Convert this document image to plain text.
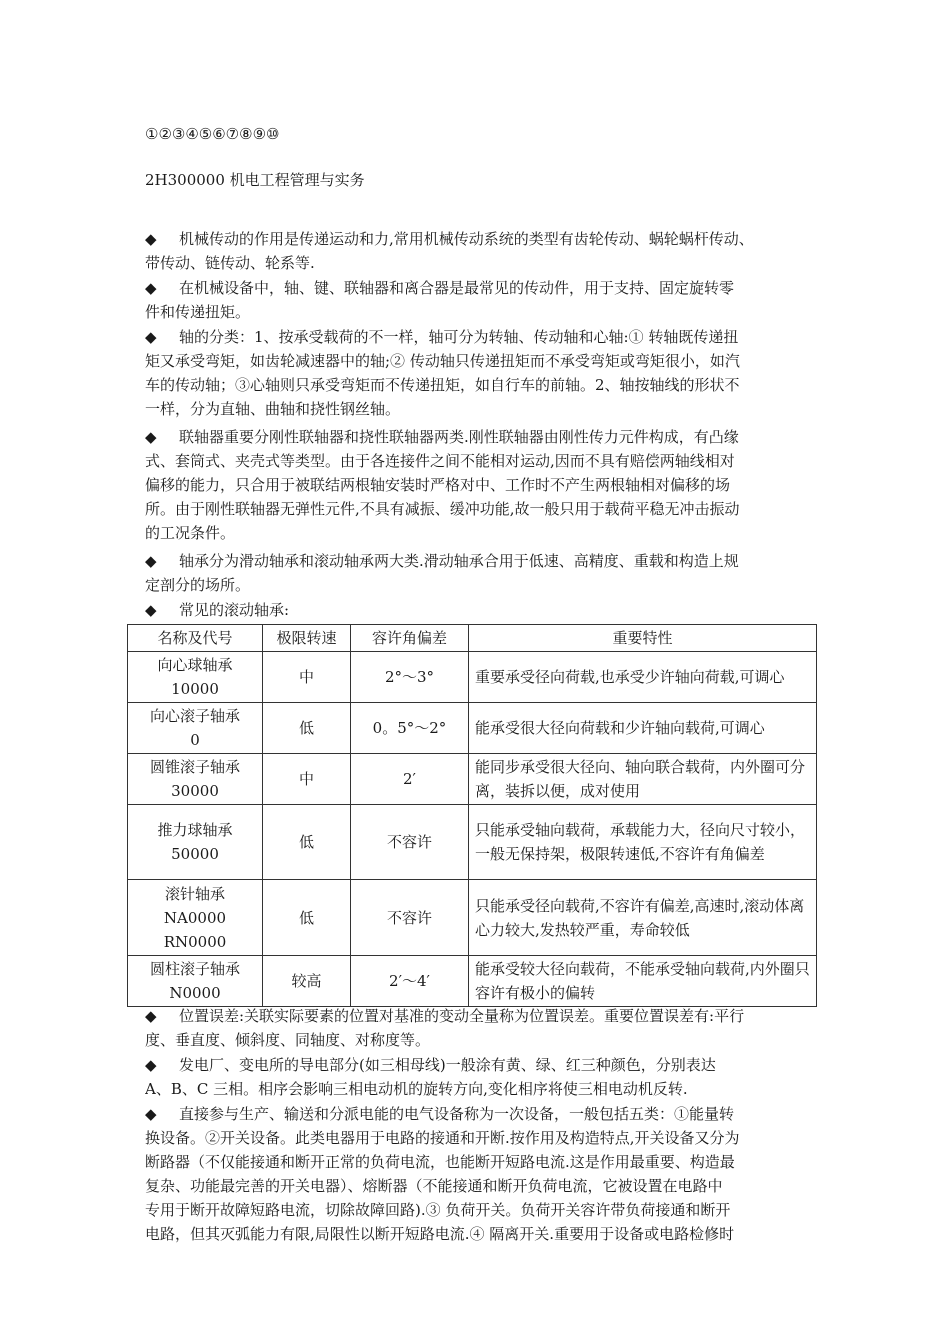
①②③④⑤⑥⑦⑧⑨⑩
2H300000 机电工程管理与实务
◆ 机械传动的作用是传递运动和力,常用机械传动系统的类型有齿轮传动、蜗轮蜗杆传动、
带传动、链传动、轮系等.
◆ 在机械设备中，轴、键、联轴器和离合器是最常见的传动件，用于支持、固定旋转零
件和传递扭矩。
◆ 轴的分类：1、按承受载荷的不一样，轴可分为转轴、传动轴和心轴:① 转轴既传递扭
矩又承受弯矩，如齿轮减速器中的轴;② 传动轴只传递扭矩而不承受弯矩或弯矩很小，如汽
车的传动轴；③心轴则只承受弯矩而不传递扭矩，如自行车的前轴。2、轴按轴线的形状不
一样，分为直轴、曲轴和挠性钢丝轴。
◆ 联轴器重要分刚性联轴器和挠性联轴器两类.刚性联轴器由刚性传力元件构成，有凸缘
式、套筒式、夹壳式等类型。由于各连接件之间不能相对运动,因而不具有赔偿两轴线相对
偏移的能力，只合用于被联结两根轴安装时严格对中、工作时不产生两根轴相对偏移的场
所。由于刚性联轴器无弹性元件,不具有减振、缓冲功能,故一般只用于载荷平稳无冲击振动
的工况条件。
◆ 轴承分为滑动轴承和滚动轴承两大类.滑动轴承合用于低速、高精度、重载和构造上规
定剖分的场所。
◆ 常见的滚动轴承:
名称及代号	极限转速	容许角偏差	重要特性
向心球轴承
10000	中	2°～3°	重要承受径向荷载,也承受少许轴向荷载,可调心
向心滚子轴承
0	低	0。5°～2°	能承受很大径向荷载和少许轴向载荷,可调心
圆锥滚子轴承
30000	中	2′	能同步承受很大径向、轴向联合载荷，内外圈可分离，装拆以便，成对使用
推力球轴承
50000	低	不容许	只能承受轴向载荷，承载能力大，径向尺寸较小，一般无保持架，极限转速低,不容许有角偏差
滚针轴承
NA0000
RN0000	低	不容许	只能承受径向载荷,不容许有偏差,高速时,滚动体离心力较大,发热较严重，寿命较低
圆柱滚子轴承
N0000	较高	2′～4′	能承受较大径向载荷，不能承受轴向载荷,内外圈只容许有极小的偏转
◆ 位置误差:关联实际要素的位置对基准的变动全量称为位置误差。重要位置误差有:平行
度、垂直度、倾斜度、同轴度、对称度等。
◆ 发电厂、变电所的导电部分(如三相母线)一般涂有黄、绿、红三种颜色，分别表达
A、B、C 三相。相序会影响三相电动机的旋转方向,变化相序将使三相电动机反转.
◆ 直接参与生产、输送和分派电能的电气设备称为一次设备，一般包括五类：①能量转
换设备。②开关设备。此类电器用于电路的接通和开断.按作用及构造特点,开关设备又分为
断路器（不仅能接通和断开正常的负荷电流，也能断开短路电流.这是作用最重要、构造最
复杂、功能最完善的开关电器）、熔断器（不能接通和断开负荷电流，它被设置在电路中
专用于断开故障短路电流，切除故障回路).③ 负荷开关。负荷开关容许带负荷接通和断开
电路，但其灭弧能力有限,局限性以断开短路电流.④ 隔离开关.重要用于设备或电路检修时
